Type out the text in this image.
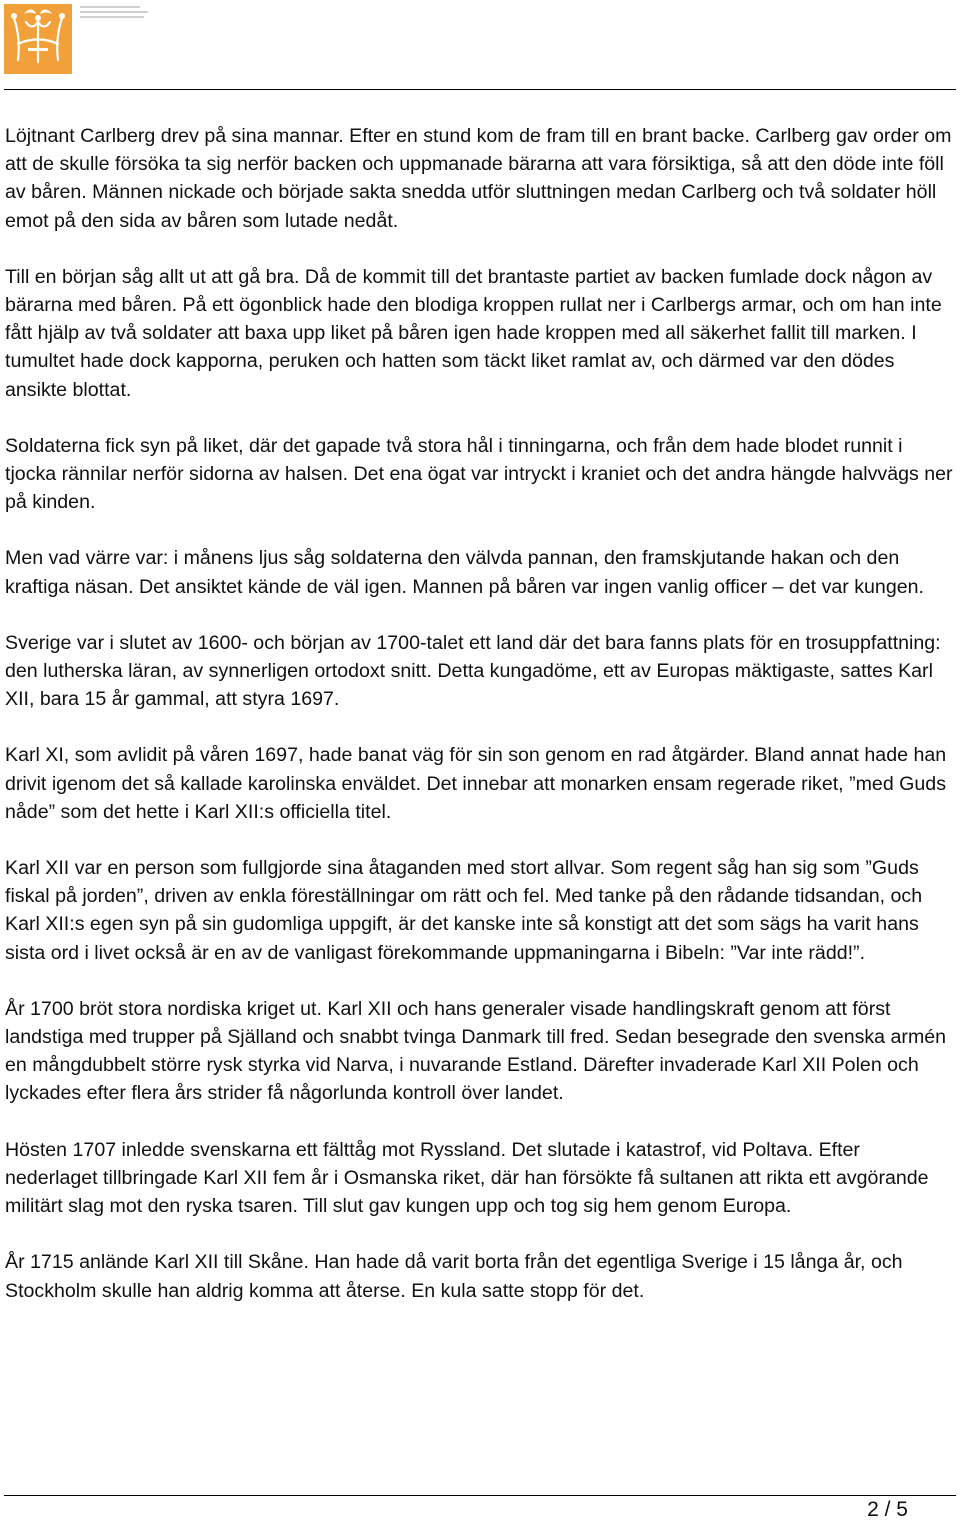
Löjtnant Carlberg drev på sina mannar. Efter en stund kom de fram till en brant backe. Carlberg gav order om att de skulle försöka ta sig nerför backen och uppmanade bärarna att vara försiktiga, så att den döde inte föll av båren. Männen nickade och började sakta snedda utför sluttningen medan Carlberg och två soldater höll emot på den sida av båren som lutade nedåt.

Till en början såg allt ut att gå bra. Då de kommit till det brantaste partiet av backen fumlade dock någon av bärarna med båren. På ett ögonblick hade den blodiga kroppen rullat ner i Carlbergs armar, och om han inte fått hjälp av två soldater att baxa upp liket på båren igen hade kroppen med all säkerhet fallit till marken. I tumultet hade dock kapporna, peruken och hatten som täckt liket ramlat av, och därmed var den dödes ansikte blottat.

Soldaterna fick syn på liket, där det gapade två stora hål i tinningarna, och från dem hade blodet runnit i tjocka rännilar nerför sidorna av halsen. Det ena ögat var intryckt i kraniet och det andra hängde halvvägs ner på kinden.

Men vad värre var: i månens ljus såg soldaterna den välvda pannan, den framskjutande hakan och den kraftiga näsan. Det ansiktet kände de väl igen. Mannen på båren var ingen vanlig officer – det var kungen.

Sverige var i slutet av 1600- och början av 1700-talet ett land där det bara fanns plats för en trosuppfattning: den lutherska läran, av synnerligen ortodoxt snitt. Detta kungadöme, ett av Europas mäktigaste, sattes Karl XII, bara 15 år gammal, att styra 1697.

Karl XI, som avlidit på våren 1697, hade banat väg för sin son genom en rad åtgärder. Bland annat hade han drivit igenom det så kallade karolinska enväldet. Det innebar att monarken ensam regerade riket, ”med Guds nåde” som det hette i Karl XII:s officiella titel.

Karl XII var en person som fullgjorde sina åtaganden med stort allvar. Som regent såg han sig som ”Guds fiskal på jorden”, driven av enkla föreställningar om rätt och fel. Med tanke på den rådande tidsandan, och Karl XII:s egen syn på sin gudomliga uppgift, är det kanske inte så konstigt att det som sägs ha varit hans sista ord i livet också är en av de vanligast förekommande uppmaningarna i Bibeln: ”Var inte rädd!”.

År 1700 bröt stora nordiska kriget ut. Karl XII och hans generaler visade handlingskraft genom att först landstiga med trupper på Själland och snabbt tvinga Danmark till fred. Sedan besegrade den svenska armén en mångdubbelt större rysk styrka vid Narva, i nuvarande Estland. Därefter invaderade Karl XII Polen och lyckades efter flera års strider få någorlunda kontroll över landet.

Hösten 1707 inledde svenskarna ett fälttåg mot Ryssland. Det slutade i katastrof, vid Poltava. Efter nederlaget tillbringade Karl XII fem år i Osmanska riket, där han försökte få sultanen att rikta ett avgörande militärt slag mot den ryska tsaren. Till slut gav kungen upp och tog sig hem genom Europa.

År 1715 anlände Karl XII till Skåne. Han hade då varit borta från det egentliga Sverige i 15 långa år, och Stockholm skulle han aldrig komma att återse. En kula satte stopp för det.

2 / 5
